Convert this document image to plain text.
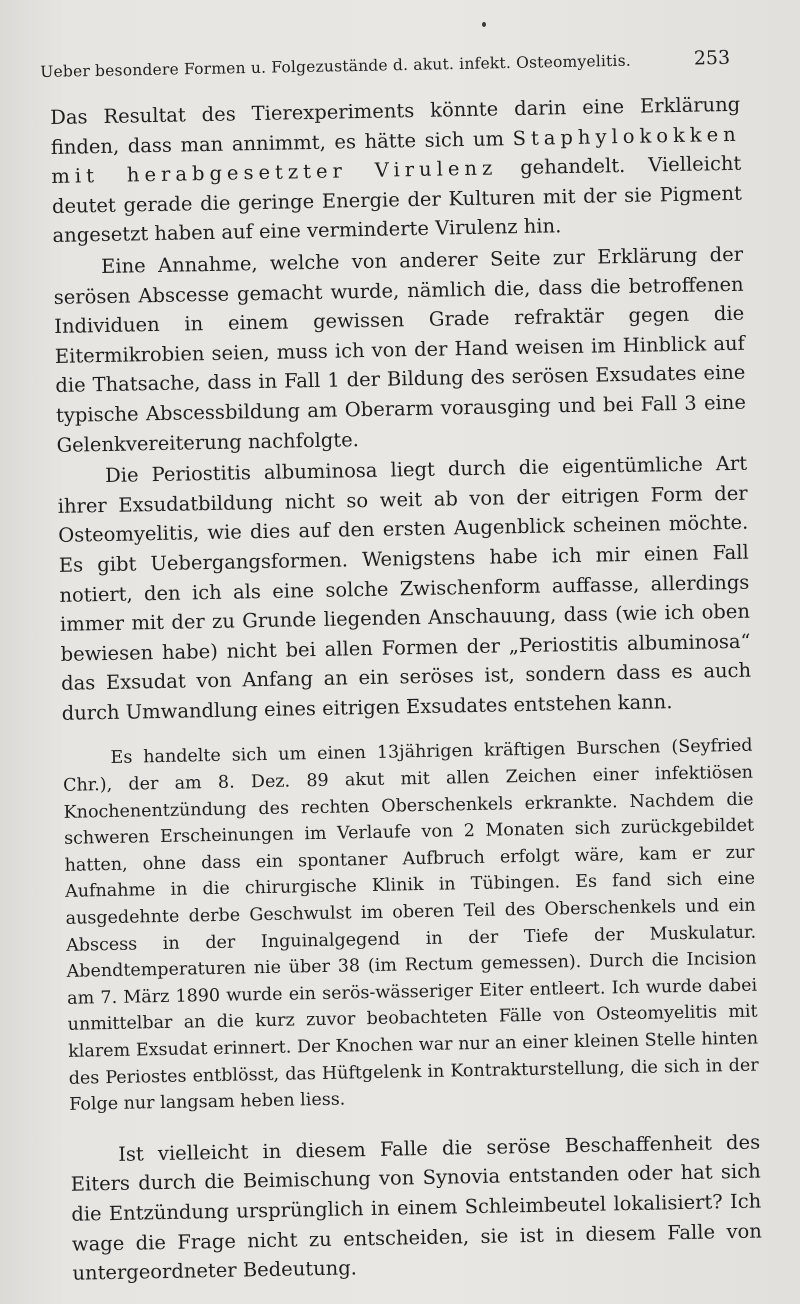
Ueber besondere Formen u. Folgezustände d. akut. infekt. Osteomyelitis.	253

Das Resultat des Tierexperiments könnte darin eine Erklärung finden, dass man annimmt, es hätte sich um Staphylokokken mit herabgesetzter Virulenz gehandelt. Vielleicht deutet gerade die geringe Energie der Kulturen mit der sie Pigment angesetzt haben auf eine verminderte Virulenz hin.

Eine Annahme, welche von anderer Seite zur Erklärung der serösen Abscesse gemacht wurde, nämlich die, dass die betroffenen Individuen in einem gewissen Grade refraktär gegen die Eitermikrobien seien, muss ich von der Hand weisen im Hinblick auf die Thatsache, dass in Fall 1 der Bildung des serösen Exsudates eine typische Abscessbildung am Oberarm vorausging und bei Fall 3 eine Gelenkvereiterung nachfolgte.

Die Periostitis albuminosa liegt durch die eigentümliche Art ihrer Exsudatbildung nicht so weit ab von der eitrigen Form der Osteomyelitis, wie dies auf den ersten Augenblick scheinen möchte. Es gibt Uebergangsformen. Wenigstens habe ich mir einen Fall notiert, den ich als eine solche Zwischenform auffasse, allerdings immer mit der zu Grunde liegenden Anschauung, dass (wie ich oben bewiesen habe) nicht bei allen Formen der „Periostitis albuminosa“ das Exsudat von Anfang an ein seröses ist, sondern dass es auch durch Umwandlung eines eitrigen Exsudates entstehen kann.

Es handelte sich um einen 13jährigen kräftigen Burschen (Seyfried Chr.), der am 8. Dez. 89 akut mit allen Zeichen einer infektiösen Knochenentzündung des rechten Oberschenkels erkrankte. Nachdem die schweren Erscheinungen im Verlaufe von 2 Monaten sich zurückgebildet hatten, ohne dass ein spontaner Aufbruch erfolgt wäre, kam er zur Aufnahme in die chirurgische Klinik in Tübingen. Es fand sich eine ausgedehnte derbe Geschwulst im oberen Teil des Oberschenkels und ein Abscess in der Inguinalgegend in der Tiefe der Muskulatur. Abendtemperaturen nie über 38 (im Rectum gemessen). Durch die Incision am 7. März 1890 wurde ein serös-wässeriger Eiter entleert. Ich wurde dabei unmittelbar an die kurz zuvor beobachteten Fälle von Osteomyelitis mit klarem Exsudat erinnert. Der Knochen war nur an einer kleinen Stelle hinten des Periostes entblösst, das Hüftgelenk in Kontrakturstellung, die sich in der Folge nur langsam heben liess.

Ist vielleicht in diesem Falle die seröse Beschaffenheit des Eiters durch die Beimischung von Synovia entstanden oder hat sich die Entzündung ursprünglich in einem Schleimbeutel lokalisiert? Ich wage die Frage nicht zu entscheiden, sie ist in diesem Falle von untergeordneter Bedeutung.
